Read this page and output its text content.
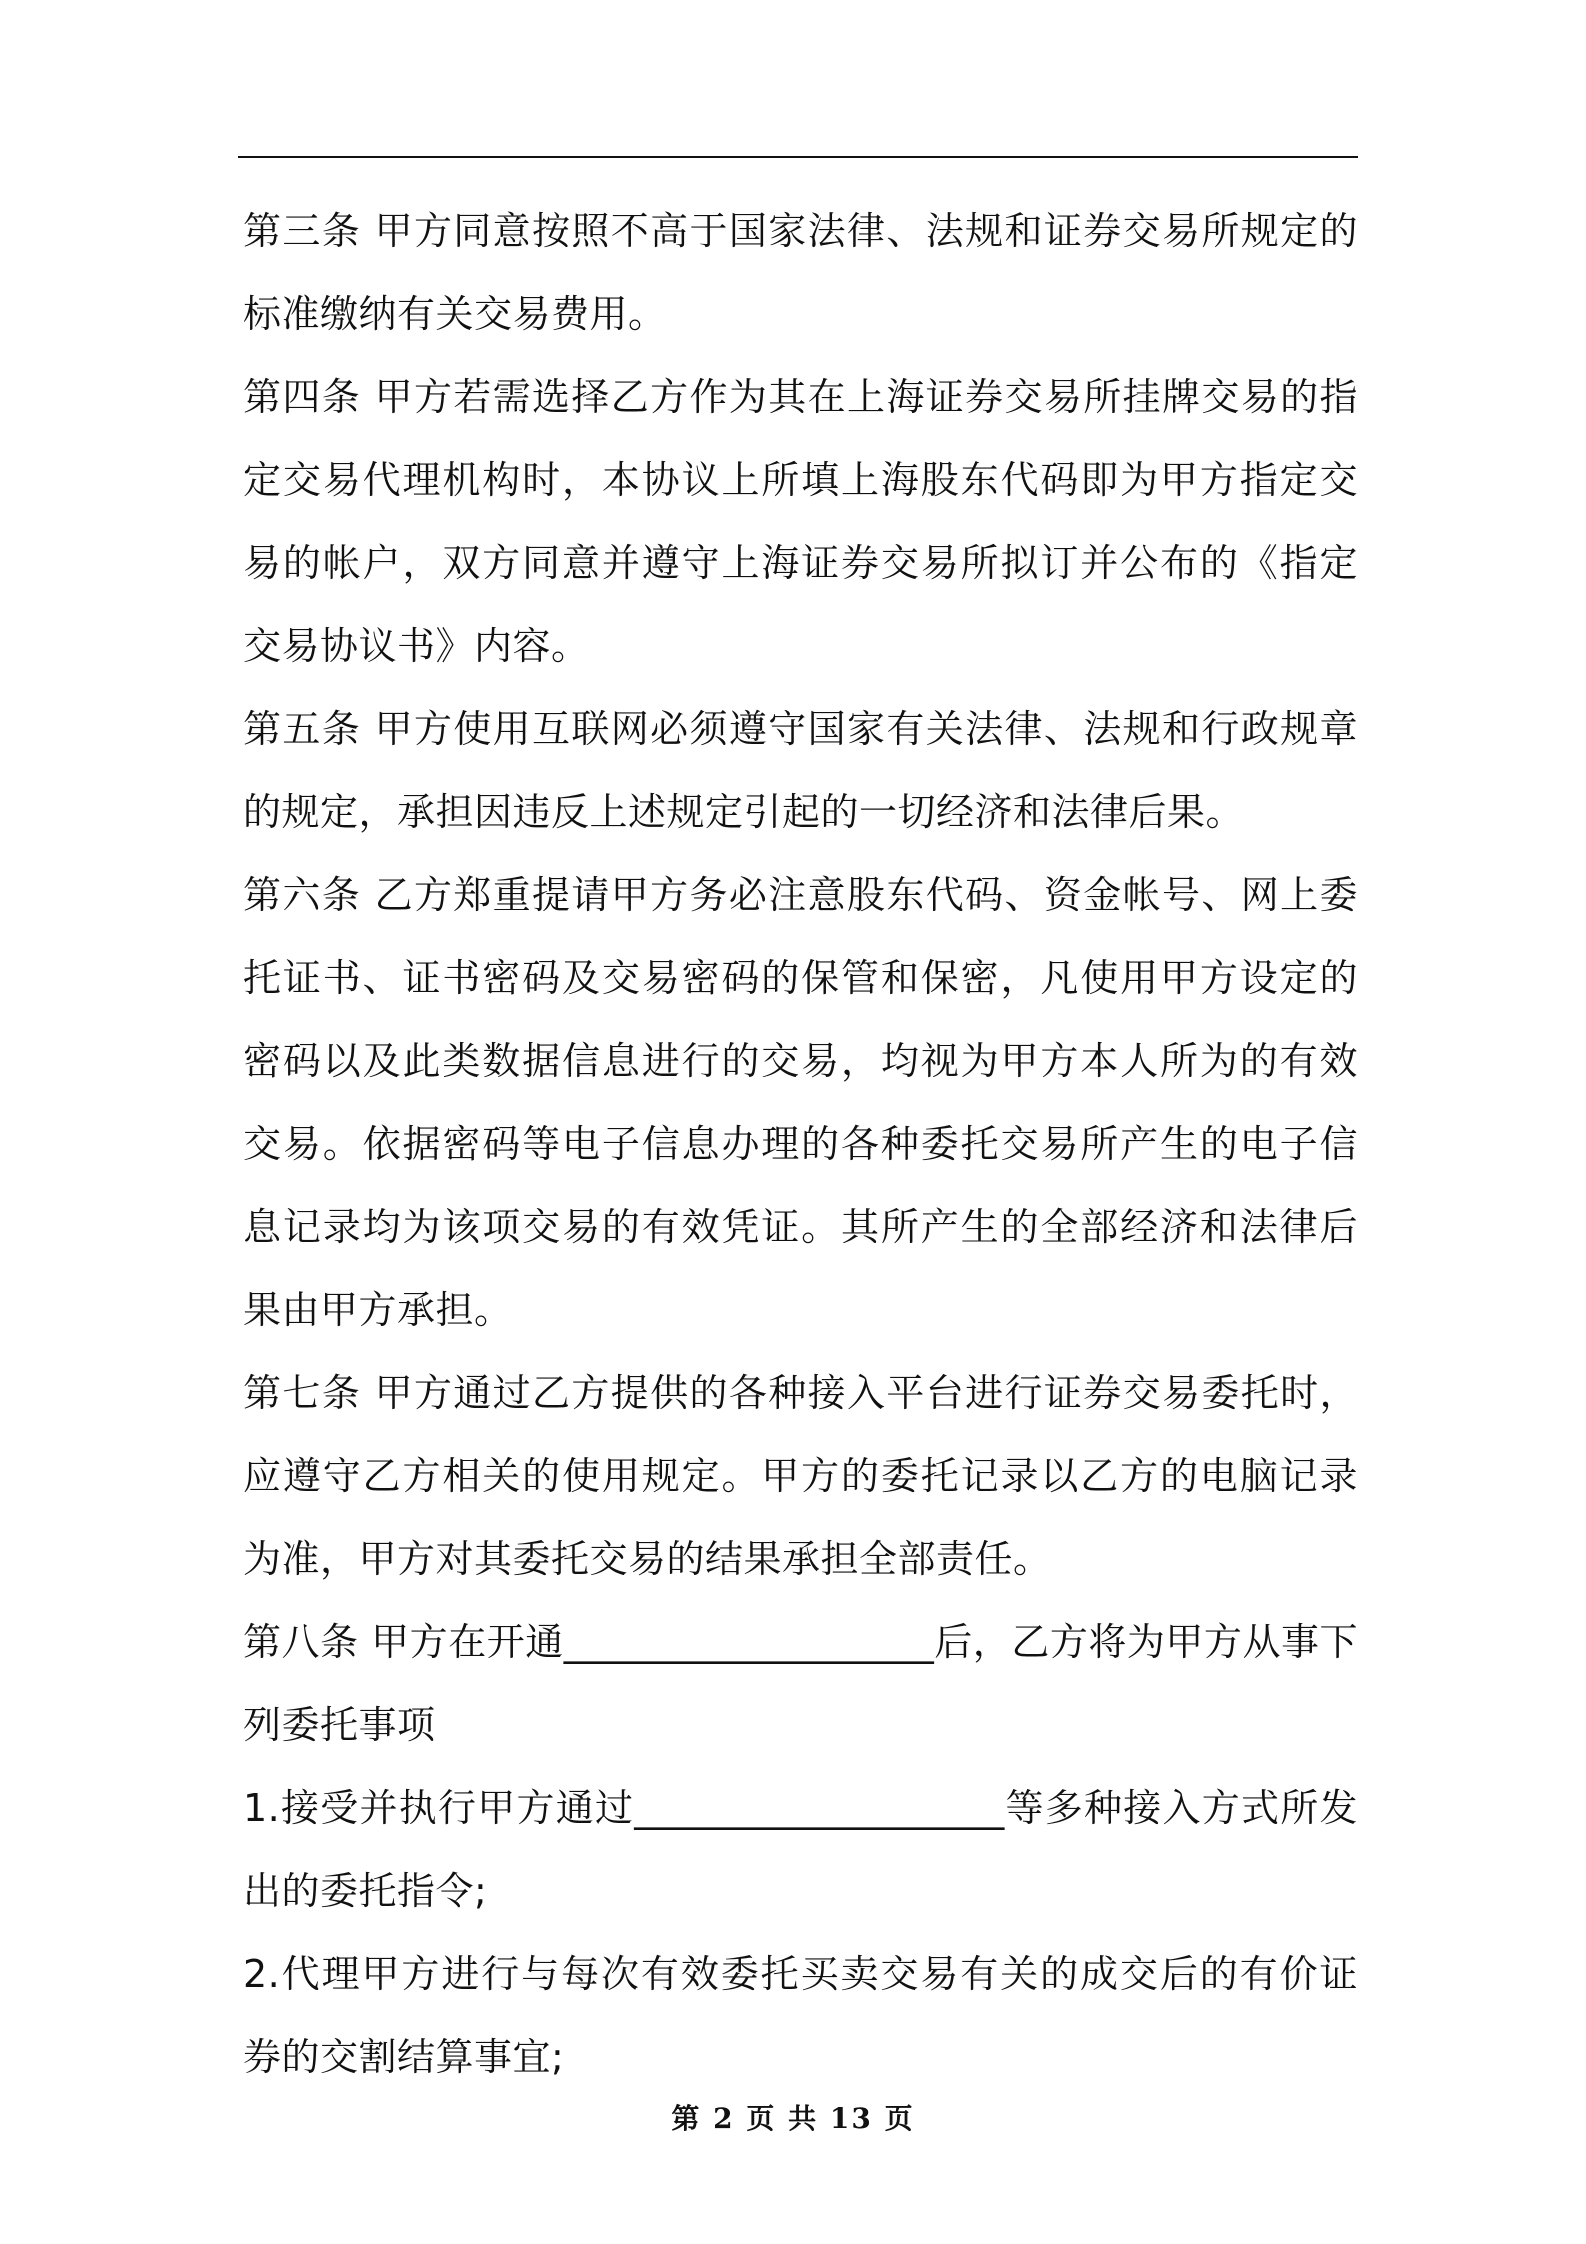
第三条 甲方同意按照不高于国家法律、法规和证券交易所规定的标准缴纳有关交易费用。

第四条 甲方若需选择乙方作为其在上海证券交易所挂牌交易的指定交易代理机构时，本协议上所填上海股东代码即为甲方指定交易的帐户，双方同意并遵守上海证券交易所拟订并公布的《指定交易协议书》内容。

第五条 甲方使用互联网必须遵守国家有关法律、法规和行政规章的规定，承担因违反上述规定引起的一切经济和法律后果。

第六条 乙方郑重提请甲方务必注意股东代码、资金帐号、网上委托证书、证书密码及交易密码的保管和保密，凡使用甲方设定的密码以及此类数据信息进行的交易，均视为甲方本人所为的有效交易。依据密码等电子信息办理的各种委托交易所产生的电子信息记录均为该项交易的有效凭证。其所产生的全部经济和法律后果由甲方承担。

第七条 甲方通过乙方提供的各种接入平台进行证券交易委托时，应遵守乙方相关的使用规定。甲方的委托记录以乙方的电脑记录为准，甲方对其委托交易的结果承担全部责任。

第八条 甲方在开通___________________后，乙方将为甲方从事下列委托事项

1.接受并执行甲方通过___________________等多种接入方式所发出的委托指令;

2.代理甲方进行与每次有效委托买卖交易有关的成交后的有价证券的交割结算事宜;

第 2 页 共 13 页
